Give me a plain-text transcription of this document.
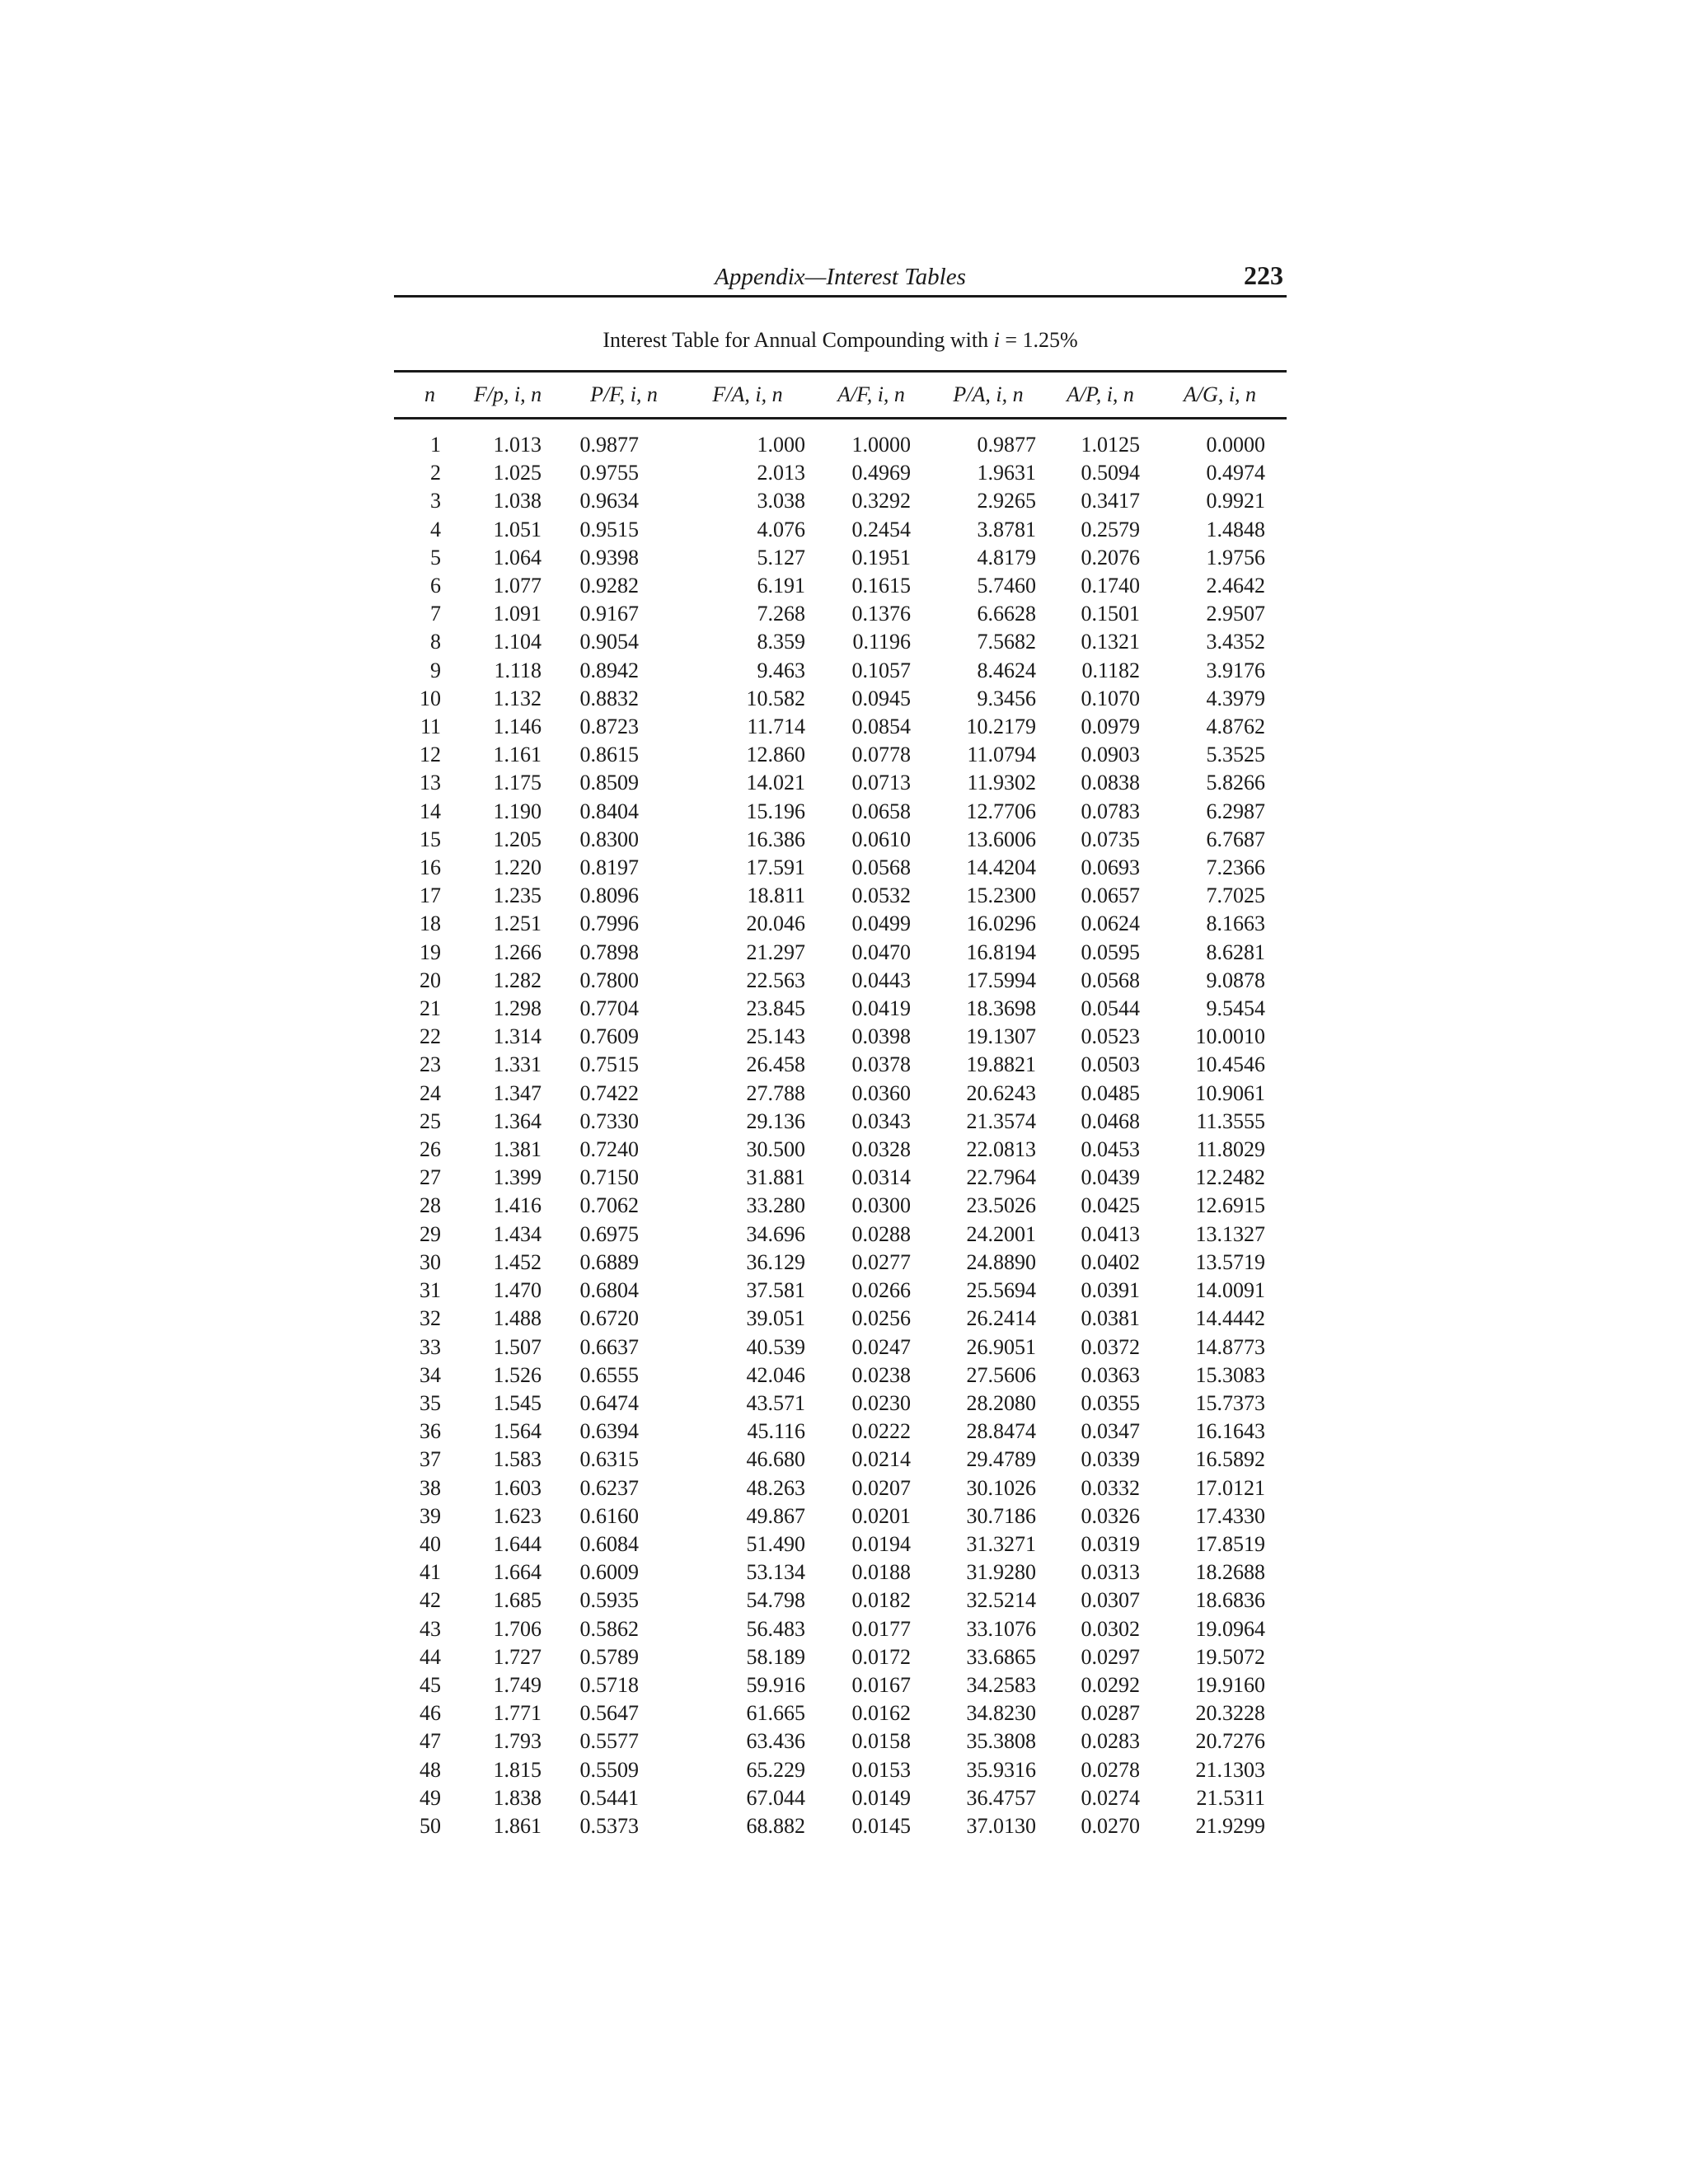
Appendix—Interest Tables	223
Interest Table for Annual Compounding with i = 1.25%
n	F/p, i, n	P/F, i, n	F/A, i, n	A/F, i, n	P/A, i, n	A/P, i, n	A/G, i, n

1	1.013	0.9877	1.000	1.0000	0.9877	1.0125	0.0000
2	1.025	0.9755	2.013	0.4969	1.9631	0.5094	0.4974
3	1.038	0.9634	3.038	0.3292	2.9265	0.3417	0.9921
4	1.051	0.9515	4.076	0.2454	3.8781	0.2579	1.4848
5	1.064	0.9398	5.127	0.1951	4.8179	0.2076	1.9756
6	1.077	0.9282	6.191	0.1615	5.7460	0.1740	2.4642
7	1.091	0.9167	7.268	0.1376	6.6628	0.1501	2.9507
8	1.104	0.9054	8.359	0.1196	7.5682	0.1321	3.4352
9	1.118	0.8942	9.463	0.1057	8.4624	0.1182	3.9176
10	1.132	0.8832	10.582	0.0945	9.3456	0.1070	4.3979
11	1.146	0.8723	11.714	0.0854	10.2179	0.0979	4.8762
12	1.161	0.8615	12.860	0.0778	11.0794	0.0903	5.3525
13	1.175	0.8509	14.021	0.0713	11.9302	0.0838	5.8266
14	1.190	0.8404	15.196	0.0658	12.7706	0.0783	6.2987
15	1.205	0.8300	16.386	0.0610	13.6006	0.0735	6.7687
16	1.220	0.8197	17.591	0.0568	14.4204	0.0693	7.2366
17	1.235	0.8096	18.811	0.0532	15.2300	0.0657	7.7025
18	1.251	0.7996	20.046	0.0499	16.0296	0.0624	8.1663
19	1.266	0.7898	21.297	0.0470	16.8194	0.0595	8.6281
20	1.282	0.7800	22.563	0.0443	17.5994	0.0568	9.0878
21	1.298	0.7704	23.845	0.0419	18.3698	0.0544	9.5454
22	1.314	0.7609	25.143	0.0398	19.1307	0.0523	10.0010
23	1.331	0.7515	26.458	0.0378	19.8821	0.0503	10.4546
24	1.347	0.7422	27.788	0.0360	20.6243	0.0485	10.9061
25	1.364	0.7330	29.136	0.0343	21.3574	0.0468	11.3555
26	1.381	0.7240	30.500	0.0328	22.0813	0.0453	11.8029
27	1.399	0.7150	31.881	0.0314	22.7964	0.0439	12.2482
28	1.416	0.7062	33.280	0.0300	23.5026	0.0425	12.6915
29	1.434	0.6975	34.696	0.0288	24.2001	0.0413	13.1327
30	1.452	0.6889	36.129	0.0277	24.8890	0.0402	13.5719
31	1.470	0.6804	37.581	0.0266	25.5694	0.0391	14.0091
32	1.488	0.6720	39.051	0.0256	26.2414	0.0381	14.4442
33	1.507	0.6637	40.539	0.0247	26.9051	0.0372	14.8773
34	1.526	0.6555	42.046	0.0238	27.5606	0.0363	15.3083
35	1.545	0.6474	43.571	0.0230	28.2080	0.0355	15.7373
36	1.564	0.6394	45.116	0.0222	28.8474	0.0347	16.1643
37	1.583	0.6315	46.680	0.0214	29.4789	0.0339	16.5892
38	1.603	0.6237	48.263	0.0207	30.1026	0.0332	17.0121
39	1.623	0.6160	49.867	0.0201	30.7186	0.0326	17.4330
40	1.644	0.6084	51.490	0.0194	31.3271	0.0319	17.8519
41	1.664	0.6009	53.134	0.0188	31.9280	0.0313	18.2688
42	1.685	0.5935	54.798	0.0182	32.5214	0.0307	18.6836
43	1.706	0.5862	56.483	0.0177	33.1076	0.0302	19.0964
44	1.727	0.5789	58.189	0.0172	33.6865	0.0297	19.5072
45	1.749	0.5718	59.916	0.0167	34.2583	0.0292	19.9160
46	1.771	0.5647	61.665	0.0162	34.8230	0.0287	20.3228
47	1.793	0.5577	63.436	0.0158	35.3808	0.0283	20.7276
48	1.815	0.5509	65.229	0.0153	35.9316	0.0278	21.1303
49	1.838	0.5441	67.044	0.0149	36.4757	0.0274	21.5311
50	1.861	0.5373	68.882	0.0145	37.0130	0.0270	21.9299
